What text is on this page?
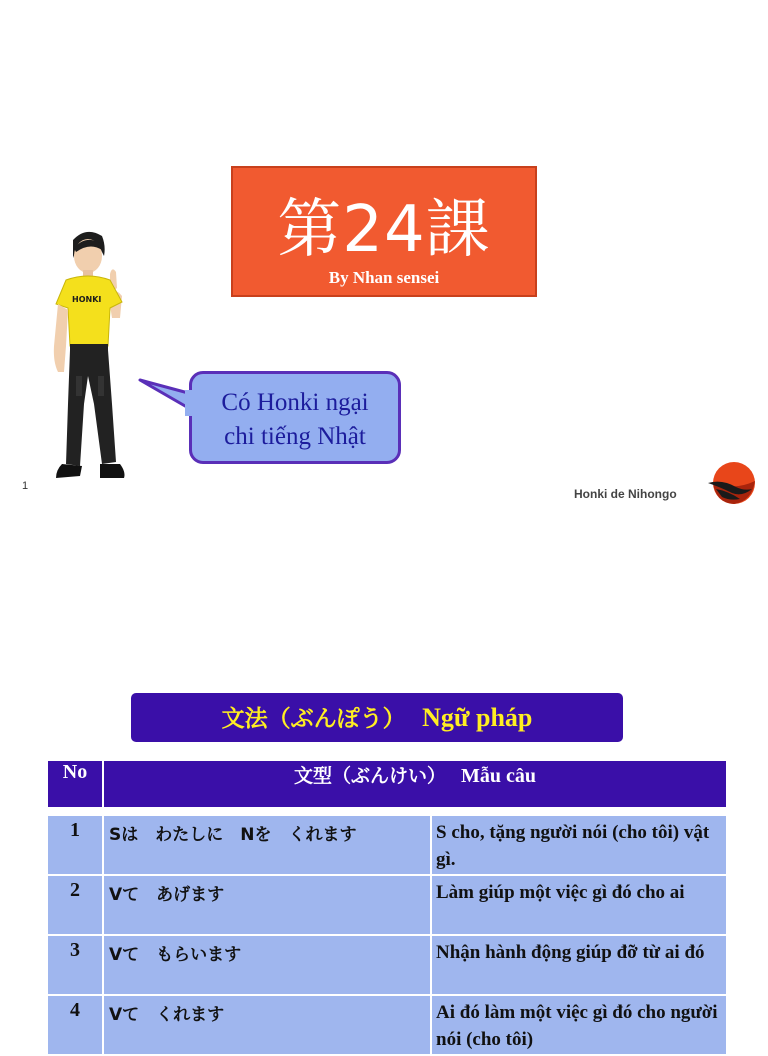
HONKI
第24課
By Nhan sensei
Có Honki ngại
chi tiếng Nhật
1
Honki de Nihongo
文法（ぶんぽう） Ngữ pháp
No	文型（ぶんけい） Mẫu câu	

1	Sは　わたしに　Nを　くれます	S cho, tặng người nói (cho tôi) vật gì.
2	Vて　あげます	Làm giúp một việc gì đó cho ai
3	Vて　もらいます	Nhận hành động giúp đỡ từ ai đó
4	Vて　くれます	Ai đó làm một việc gì đó cho người nói (cho tôi)
